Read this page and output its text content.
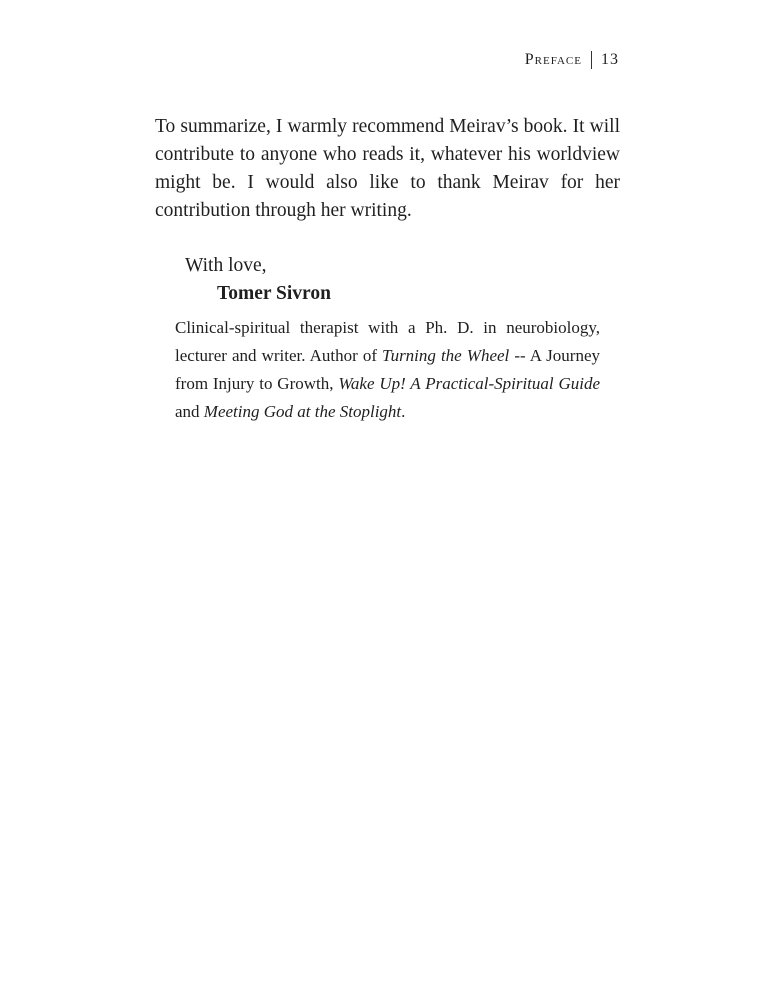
Preface 13

To summarize, I warmly recommend Meirav’s book. It will contribute to anyone who reads it, whatever his worldview might be. I would also like to thank Meirav for her contribution through her writing.

With love,
Tomer Sivron

Clinical-spiritual therapist with a Ph. D. in neurobiology, lecturer and writer. Author of Turning the Wheel -- A Journey from Injury to Growth, Wake Up! A Practical-Spiritual Guide and Meeting God at the Stoplight.
